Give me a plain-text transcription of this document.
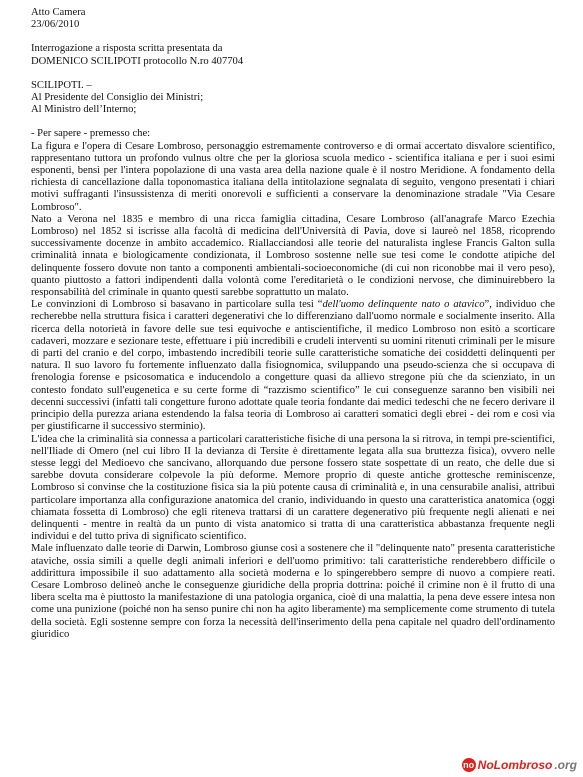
Atto Camera

23/06/2010

Interrogazione a risposta scritta presentata da

DOMENICO SCILIPOTI protocollo N.ro 407704

SCILIPOTI. –

Al Presidente del Consiglio dei Ministri;

Al Ministro dell’Interno;

- Per sapere - premesso che:

La figura e l'opera di Cesare Lombroso, personaggio estremamente controverso e di ormai accertato disvalore scientifico, rappresentano tuttora un profondo vulnus oltre che per la gloriosa scuola medico - scientifica italiana e per i suoi esimi esponenti, bensì per l'intera popolazione di una vasta area della nazione quale è il nostro Meridione. A fondamento della richiesta di cancellazione dalla toponomastica italiana della intitolazione segnalata di seguito, vengono presentati i chiari motivi suffraganti l'insussistenza di meriti onorevoli e sufficienti a conservare la denominazione stradale "Via Cesare Lombroso".

Nato a Verona nel 1835 e membro di una ricca famiglia cittadina, Cesare Lombroso (all'anagrafe Marco Ezechia Lombroso) nel 1852 si iscrisse alla facoltà di medicina dell'Università di Pavia, dove si laureò nel 1858, ricoprendo successivamente docenze in ambito accademico. Riallacciandosi alle teorie del naturalista inglese Francis Galton sulla criminalità innata e biologicamente condizionata, il Lombroso sostenne nelle sue tesi come le condotte atipiche del delinquente fossero dovute non tanto a componenti ambientali-socioeconomiche (di cui non riconobbe mai il vero peso), quanto piuttosto a fattori indipendenti dalla volontà come l'ereditarietà o le condizioni nervose, che diminuirebbero la responsabilità del criminale in quanto questi sarebbe soprattutto un malato.

Le convinzioni di Lombroso si basavano in particolare sulla tesi “dell'uomo delinquente nato o atavico”, individuo che recherebbe nella struttura fisica i caratteri degenerativi che lo differenziano dall'uomo normale e socialmente inserito. Alla ricerca della notorietà in favore delle sue tesi equivoche e antiscientifiche, il medico Lombroso non esitò a scorticare cadaveri, mozzare e sezionare teste, effettuare i più incredibili e crudeli interventi su uomini ritenuti criminali per le misure di parti del cranio e del corpo, imbastendo incredibili teorie sulle caratteristiche somatiche dei cosiddetti delinquenti per natura. Il suo lavoro fu fortemente influenzato dalla fisiognomica, sviluppando una pseudo-scienza che si occupava di frenologia forense e psicosomatica e inducendolo a congetture quasi da allievo stregone più che da scienziato, in un contesto fondato sull'eugenetica e su certe forme di “razzismo scientifico” le cui conseguenze saranno ben visibili nei decenni successivi (infatti tali congetture furono adottate quale teoria fondante dai medici tedeschi che ne fecero derivare il principio della purezza ariana estendendo la falsa teoria di Lombroso ai caratteri somatici degli ebrei - dei rom e così via per giustificarne il successivo sterminio).

L'idea che la criminalità sia connessa a particolari caratteristiche fisiche di una persona la si ritrova, in tempi pre-scientifici, nell'Iliade di Omero (nel cui libro II la devianza di Tersite è direttamente legata alla sua bruttezza fisica), ovvero nelle stesse leggi del Medioevo che sancivano, allorquando due persone fossero state sospettate di un reato, che delle due si sarebbe dovuta considerare colpevole la più deforme. Memore proprio di queste antiche grottesche reminiscenze, Lombroso si convinse che la costituzione fisica sia la più potente causa di criminalità e, in una censurabile analisi, attribuì particolare importanza alla configurazione anatomica del cranio, individuando in questo una caratteristica anatomica (oggi chiamata fossetta di Lombroso) che egli riteneva trattarsi di un carattere degenerativo più frequente negli alienati e nei delinquenti - mentre in realtà da un punto di vista anatomico si tratta di una caratteristica abbastanza frequente negli individui e del tutto priva di significato scientifico.

Male influenzato dalle teorie di Darwin, Lombroso giunse così a sostenere che il "delinquente nato" presenta caratteristiche ataviche, ossia simili a quelle degli animali inferiori e dell'uomo primitivo: tali caratteristiche renderebbero difficile o addirittura impossibile il suo adattamento alla società moderna e lo spingerebbero sempre di nuovo a compiere reati. Cesare Lombroso delineò anche le conseguenze giuridiche della propria dottrina: poiché il crimine non è il frutto di una libera scelta ma è piuttosto la manifestazione di una patologia organica, cioè di una malattia, la pena deve essere intesa non come una punizione (poiché non ha senso punire chi non ha agito liberamente) ma semplicemente come strumento di tutela della società. Egli sostenne sempre con forza la necessità dell'inserimento della pena capitale nel quadro dell'ordinamento giuridico

no NoLombroso .org
